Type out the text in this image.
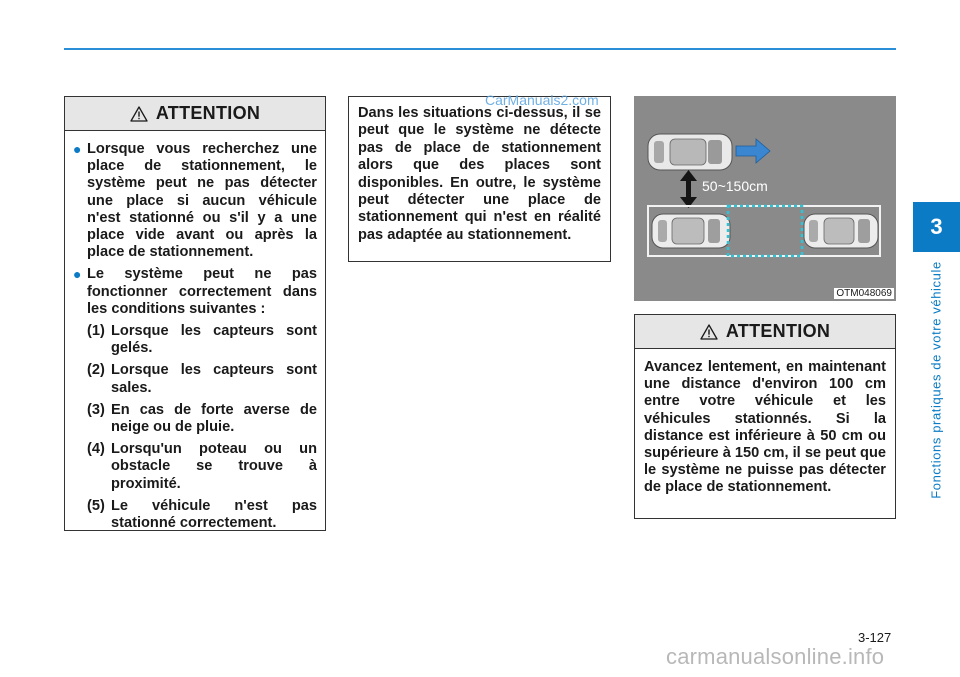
3
Fonctions pratiques de votre véhicule
ATTENTION
● Lorsque vous recherchez une place de stationnement, le système peut ne pas détecter une place si aucun véhicule n'est stationné ou s'il y a une place vide avant ou après la place de stationnement.
● Le système peut ne pas fonctionner correctement dans les conditions suivantes :
(1) Lorsque les capteurs sont gelés.
(2) Lorsque les capteurs sont sales.
(3) En cas de forte averse de neige ou de pluie.
(4) Lorsqu'un poteau ou un obstacle se trouve à proximité.
(5) Le véhicule n'est pas stationné correctement.
Dans les situations ci-dessus, il se peut que le système ne détecte pas de place de stationnement alors que des places sont disponibles. En outre, le système peut détecter une place de stationnement qui n'est en réalité pas adaptée au stationnement.
CarManuals2.com
50~150cm
OTM048069
ATTENTION
Avancez lentement, en maintenant une distance d'environ 100 cm entre votre véhicule et les véhicules stationnés. Si la distance est inférieure à 50 cm ou supérieure à 150 cm, il se peut que le système ne puisse pas détecter de place de stationnement.
3-127
carmanualsonline.info
